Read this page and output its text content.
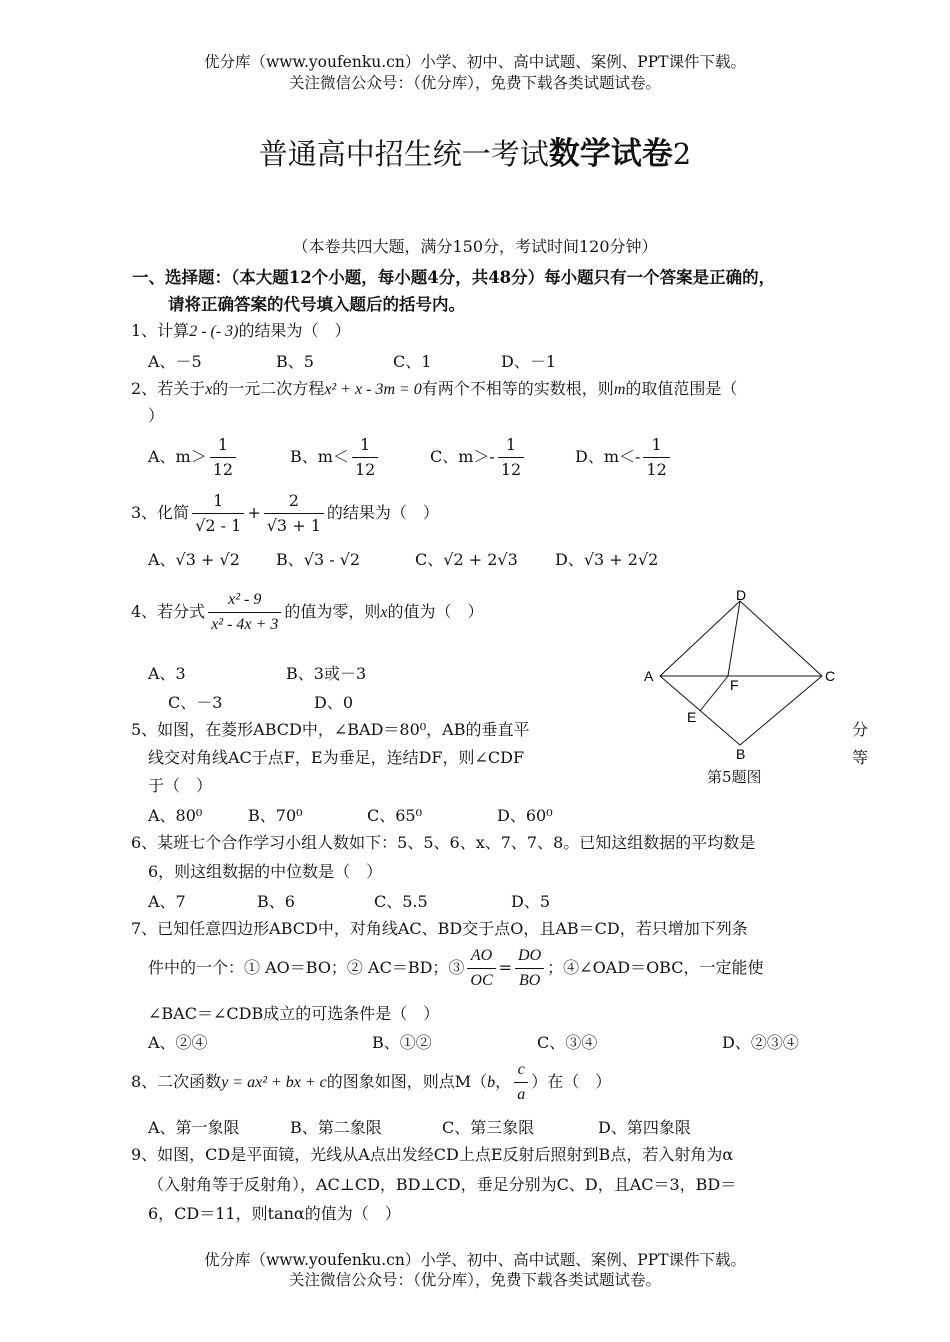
优分库（www.youfenku.cn）小学、初中、高中试题、案例、PPT课件下载。
关注微信公众号：（优分库），免费下载各类试题试卷。
普通高中招生统一考试数学试卷2
（本卷共四大题，满分150分，考试时间120分钟）
一、选择题：（本大题12个小题，每小题4分，共48分）每小题只有一个答案是正确的，
请将正确答案的代号填入题后的括号内。
1、计算2 - (- 3)的结果为（　）
A、－5	B、5	C、1	D、－1
2、若关于x的一元二次方程x² + x - 3m = 0有两个不相等的实数根，则m的取值范围是（
）
A、$m> \frac{1}{12}$	B、$m< \frac{1}{12}$	C、$m>- \frac{1}{12}$	D、$m<- \frac{1}{12}$
3、化简 $\frac{1}{√2 - 1} + \frac{2}{√3 + 1}$ 的结果为（　）
A、√3 + √2 B、√3 - √2	C、√2 + 2√3 D、√3 + 2√2
4、若分式 $\frac{\text{x² - 9}}{\text{x² - 4x + 3}}$ 的值为零，则x的值为（　）
A、3	B、3或－3
C、－3	D、0
D
A	C
F
E
B
第5题图
5、如图，在菱形ABCD中，∠BAD＝80⁰，AB的垂直平	分
线交对角线AC于点F，E为垂足，连结DF，则∠CDF	等
于（　）
A、80⁰	B、70⁰	C、65⁰	D、60⁰
6、某班七个合作学习小组人数如下：5、5、6、x、7、7、8。已知这组数据的平均数是
6，则这组数据的中位数是（　）
A、7	B、6	C、5.5	D、5
7、已知任意四边形ABCD中，对角线AC、BD交于点O，且AB＝CD，若只增加下列条
件中的一个：① AO＝BO；② AC＝BD；③ $\frac{AO}{OC} = \frac{DO}{BO}$ ；④∠OAD＝OBC，一定能使
∠BAC＝∠CDB成立的可选条件是（　）
A、②④	B、①②	C、③④	D、②③④
8、二次函数y = ax² + bx + c的图象如图，则点M（b， $\frac{c}{a}$ ）在（　）
A、第一象限	B、第二象限	C、第三象限	D、第四象限
9、如图，CD是平面镜，光线从A点出发经CD上点E反射后照射到B点，若入射角为α
（入射角等于反射角），AC⊥CD，BD⊥CD，垂足分别为C、D，且AC＝3，BD＝
6，CD＝11，则tanα的值为（　）
优分库（www.youfenku.cn）小学、初中、高中试题、案例、PPT课件下载。
关注微信公众号：（优分库），免费下载各类试题试卷。
